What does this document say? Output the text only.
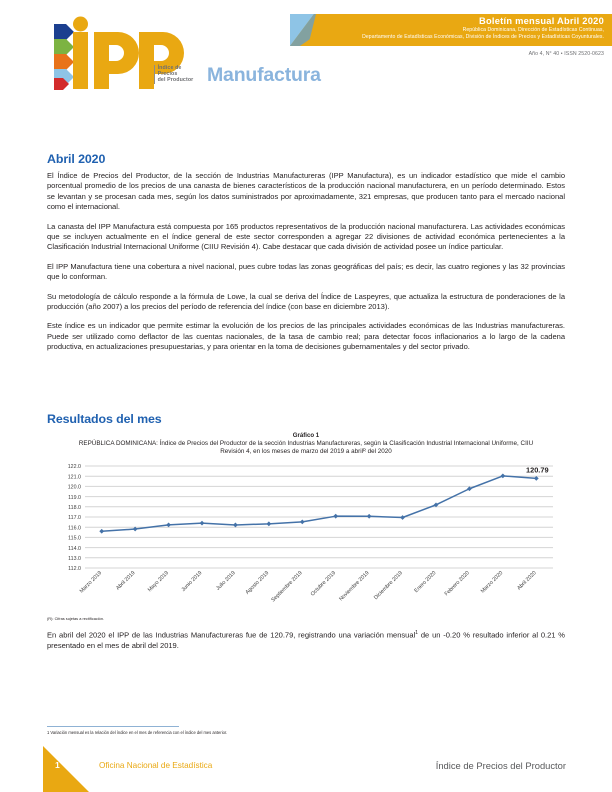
Índice de
Precios
del Productor Manufactura
Boletín mensual Abril 2020
República Dominicana, Dirección de Estadísticas Continuas,
Departamento de Estadísticas Económicas, División de Índices de Precios y Estadísticas Coyunturales.
Año 4, N° 40 • ISSN 2520-0623
Abril 2020

El Índice de Precios del Productor, de la sección de Industrias Manufactureras (IPP Manufactura), es un indicador estadístico que mide el cambio porcentual promedio de los precios de una canasta de bienes característicos de la producción nacional manufacturera, en un período determinado. Estos se levantan y se procesan cada mes, según los datos suministrados por aproximadamente, 321 empresas, que producen tanto para el mercado nacional como el internacional.

La canasta del IPP Manufactura está compuesta por 165 productos representativos de la producción nacional manufacturera. Las actividades económicas que se incluyen actualmente en el índice general de este sector corresponden a agregar 22 divisiones de actividad económica pertenecientes a la Clasificación Industrial Internacional Uniforme (CIIU Revisión 4). Cabe destacar que cada división de actividad posee un índice particular.

El IPP Manufactura tiene una cobertura a nivel nacional, pues cubre todas las zonas geográficas del país; es decir, las cuatro regiones y las 32 provincias que lo conforman.

Su metodología de cálculo responde a la fórmula de Lowe, la cual se deriva del Índice de Laspeyres, que actualiza la estructura de ponderaciones de la producción (año 2007) a los precios del período de referencia del índice (con base en diciembre 2013).

Este índice es un indicador que permite estimar la evolución de los precios de las principales actividades económicas de las Industrias manufactureras. Puede ser utilizado como deflactor de las cuentas nacionales, de la tasa de cambio real; para detectar focos inflacionarios a lo largo de la cadena productiva, en actualizaciones presupuestarias, y para orientar en la toma de decisiones gubernamentales y del sector privado.

Resultados del mes
Gráfico 1
REPÚBLICA DOMINICANA: Índice de Precios del Productor de la sección Industrias Manufactureras, según la Clasificación Industrial Internacional Uniforme, CIIU Revisión 4, en los meses de marzo del 2019 a abrilᴿ del 2020
112.0
113.0
114.0
115.0
116.0
117.0
118.0
119.0
120.0
121.0
122.0	120.79
Marzo 2019 Abril 2019 Mayo 2019 Junio 2019 Julio 2019 Agosto 2019 Septiembre 2019 Octubre 2019 Noviembre 2019 Diciembre 2019 Enero 2020 Febrero 2020 Marzo 2020 Abril 2020
(R): Cifras sujetas a rectificación.

En abril del 2020 el IPP de las Industrias Manufactureras fue de 120.79, registrando una variación mensual$^1$ de un -0.20 % resultado inferior al 0.21 % presentado en el mes de abril del 2019.

1 Variación mensual es la relación del índice en el mes de referencia con el índice del mes anterior.
1	Oficina Nacional de Estadística	Índice de Precios del Productor
